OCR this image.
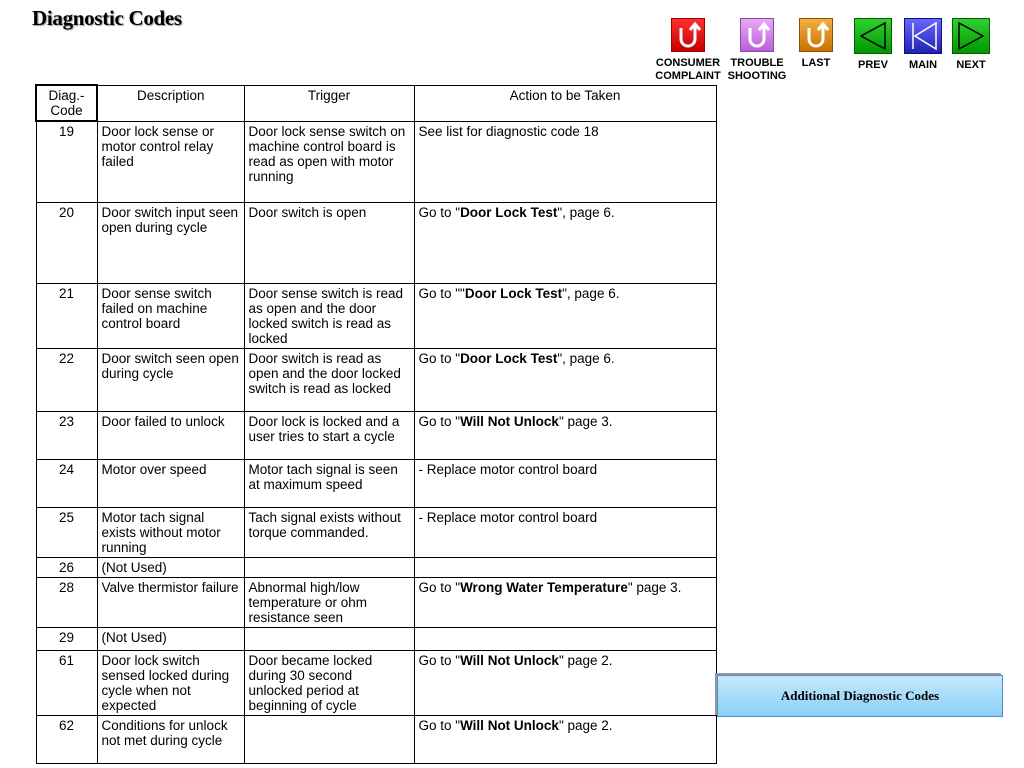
Diagnostic Codes
CONSUMER
COMPLAINT
TROUBLE
SHOOTING
LAST	PREV	MAIN	NEXT
Diag.-Code	Description	Trigger	Action to be Taken
19	Door lock sense or motor control relay failed	Door lock sense switch on machine control board is read as open with motor running	See list for diagnostic code 18
20	Door switch input seen open during cycle	Door switch is open	Go to "Door Lock Test", page 6.
21	Door sense switch failed on machine control board	Door sense switch is read as open and the door locked switch is read as locked	Go to ""Door Lock Test", page 6.
22	Door switch seen open during cycle	Door switch is read as open and the door locked switch is read as locked	Go to "Door Lock Test", page 6.
23	Door failed to unlock	Door lock is locked and a user tries to start a cycle	Go to "Will Not Unlock" page 3.
24	Motor over speed	Motor tach signal is seen at maximum speed	- Replace motor control board
25	Motor tach signal exists without motor running	Tach signal exists without torque commanded.	- Replace motor control board
26	(Not Used)		
28	Valve thermistor failure	Abnormal high/low temperature or ohm resistance seen	Go to "Wrong Water Temperature" page 3.
29	(Not Used)		
61	Door lock switch sensed locked during cycle when not expected	Door became locked during 30 second unlocked period at beginning of cycle	Go to "Will Not Unlock" page 2.
62	Conditions for unlock not met during cycle		Go to "Will Not Unlock" page 2.
Additional Diagnostic Codes
